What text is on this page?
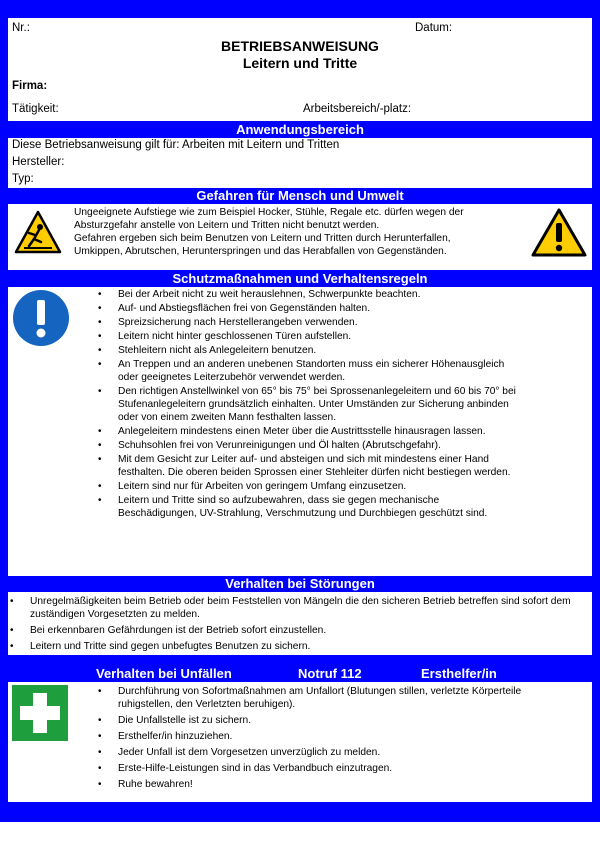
Nr.:	Datum:
BETRIEBSANWEISUNG
Leitern und Tritte
Firma:
Tätigkeit:	Arbeitsbereich/-platz:
Anwendungsbereich
Diese Betriebsanweisung gilt für: Arbeiten mit Leitern und Tritten
Hersteller:
Typ:
Gefahren für Mensch und Umwelt
Ungeeignete Aufstiege wie zum Beispiel Hocker, Stühle, Regale etc. dürfen wegen der
Absturzgefahr anstelle von Leitern und Tritten nicht benutzt werden.
Gefahren ergeben sich beim Benutzen von Leitern und Tritten durch Herunterfallen,
Umkippen, Abrutschen, Herunterspringen und das Herabfallen von Gegenständen.
Schutzmaßnahmen und Verhaltensregeln
• Bei der Arbeit nicht zu weit herauslehnen, Schwerpunkte beachten.
• Auf- und Abstiegsflächen frei von Gegenständen halten.
• Spreizsicherung nach Herstellerangeben verwenden.
• Leitern nicht hinter geschlossenen Türen aufstellen.
• Stehleitern nicht als Anlegeleitern benutzen.
• An Treppen und an anderen unebenen Standorten muss ein sicherer Höhenausgleich oder geeignetes Leiterzubehör verwendet werden.
• Den richtigen Anstellwinkel von 65° bis 75° bei Sprossenanlegeleitern und 60 bis 70° bei Stufenanlegeleitern grundsätzlich einhalten. Unter Umständen zur Sicherung anbinden oder von einem zweiten Mann festhalten lassen.
• Anlegeleitern mindestens einen Meter über die Austrittsstelle hinausragen lassen.
• Schuhsohlen frei von Verunreinigungen und Öl halten (Abrutschgefahr).
• Mit dem Gesicht zur Leiter auf- und absteigen und sich mit mindestens einer Hand festhalten. Die oberen beiden Sprossen einer Stehleiter dürfen nicht bestiegen werden.
• Leitern sind nur für Arbeiten von geringem Umfang einzusetzen.
• Leitern und Tritte sind so aufzubewahren, dass sie gegen mechanische Beschädigungen, UV-Strahlung, Verschmutzung und Durchbiegen geschützt sind.
Verhalten bei Störungen
• Unregelmäßigkeiten beim Betrieb oder beim Feststellen von Mängeln die den sicheren Betrieb betreffen sind sofort dem zuständigen Vorgesetzten zu melden.
• Bei erkennbaren Gefährdungen ist der Betrieb sofort einzustellen.
• Leitern und Tritte sind gegen unbefugtes Benutzen zu sichern.
Verhalten bei Unfällen	Notruf 112	Ersthelfer/in
• Durchführung von Sofortmaßnahmen am Unfallort (Blutungen stillen, verletzte Körperteile ruhigstellen, den Verletzten beruhigen).
• Die Unfallstelle ist zu sichern.
• Ersthelfer/in hinzuziehen.
• Jeder Unfall ist dem Vorgesetzen unverzüglich zu melden.
• Erste-Hilfe-Leistungen sind in das Verbandbuch einzutragen.
• Ruhe bewahren!
